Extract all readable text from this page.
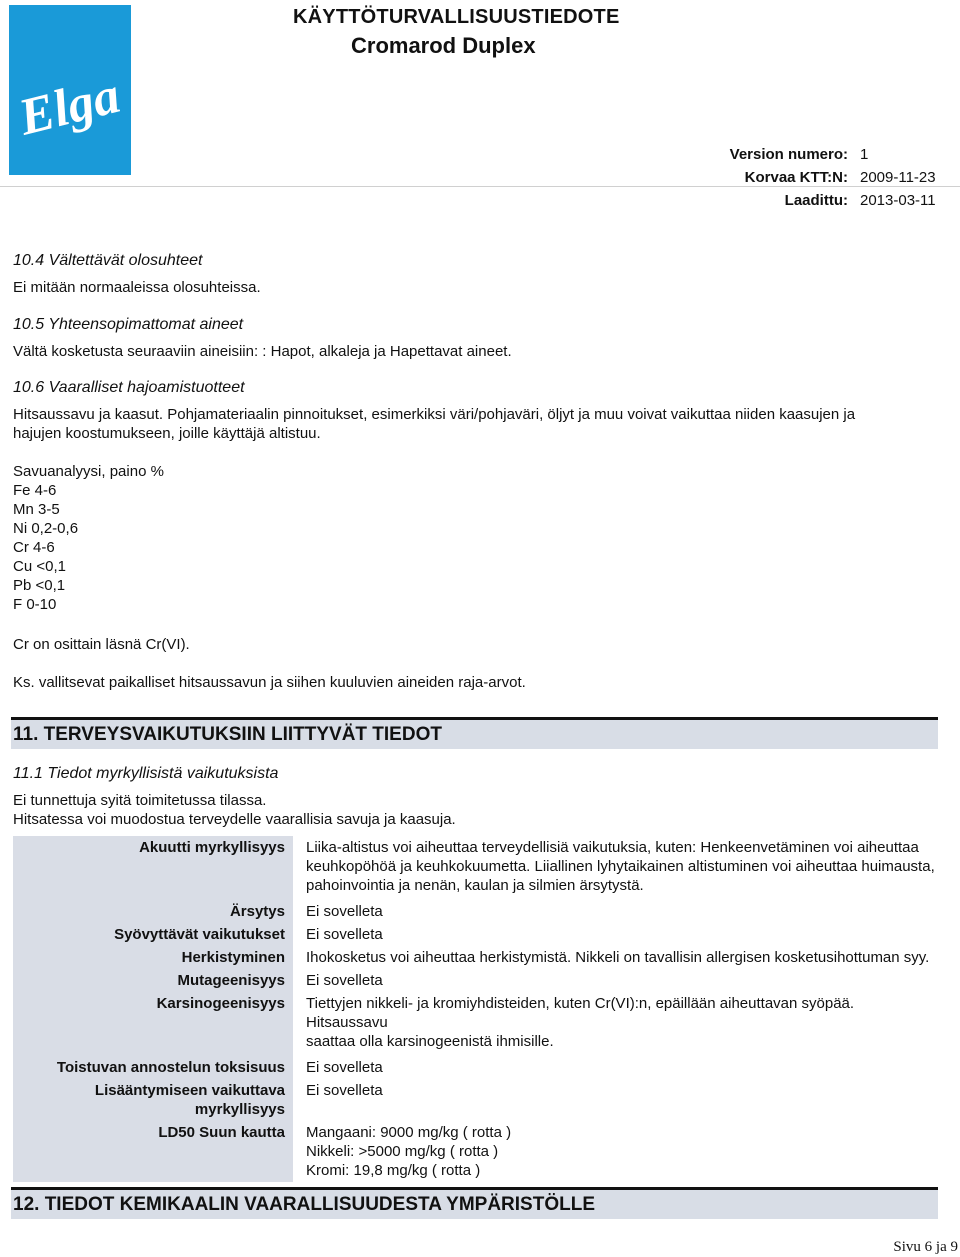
Elga
KÄYTTÖTURVALLISUUSTIEDOTE
Cromarod Duplex
Version numero:	1
Korvaa KTT:N:	2009-11-23
Laadittu:	2013-03-11
10.4 Vältettävät olosuhteet
Ei mitään normaaleissa olosuhteissa.
10.5 Yhteensopimattomat aineet
Vältä kosketusta seuraaviin aineisiin: : Hapot, alkaleja ja Hapettavat aineet.
10.6 Vaaralliset hajoamistuotteet
Hitsaussavu ja kaasut. Pohjamateriaalin pinnoitukset, esimerkiksi väri/pohjaväri, öljyt ja muu voivat vaikuttaa niiden kaasujen ja
hajujen koostumukseen, joille käyttäjä altistuu.
Savuanalyysi, paino %
Fe 4-6
Mn 3-5
Ni 0,2-0,6
Cr 4-6
Cu <0,1
Pb <0,1
F 0-10
Cr on osittain läsnä Cr(VI).
Ks. vallitsevat paikalliset hitsaussavun ja siihen kuuluvien aineiden raja-arvot.
11. TERVEYSVAIKUTUKSIIN LIITTYVÄT TIEDOT
11.1 Tiedot myrkyllisistä vaikutuksista
Ei tunnettuja syitä toimitetussa tilassa.
Hitsatessa voi muodostua terveydelle vaarallisia savuja ja kaasuja.
Akuutti myrkyllisyys	Liika-altistus voi aiheuttaa terveydellisiä vaikutuksia, kuten: Henkeenvetäminen voi aiheuttaa
keuhkopöhöä ja keuhkokuumetta. Liiallinen lyhytaikainen altistuminen voi aiheuttaa huimausta,
pahoinvointia ja nenän, kaulan ja silmien ärsytystä.

Ärsytys	Ei sovelleta

Syövyttävät vaikutukset	Ei sovelleta

Herkistyminen	Ihokosketus voi aiheuttaa herkistymistä. Nikkeli on tavallisin allergisen kosketusihottuman syy.

Mutageenisyys	Ei sovelleta

Karsinogeenisyys	Tiettyjen nikkeli- ja kromiyhdisteiden, kuten Cr(VI):n, epäillään aiheuttavan syöpää. Hitsaussavu
saattaa olla karsinogeenistä ihmisille.

Toistuvan annostelun toksisuus	Ei sovelleta

Lisääntymiseen vaikuttava myrkyllisyys	Ei sovelleta

LD50 Suun kautta	Mangaani: 9000 mg/kg ( rotta )
Nikkeli: >5000 mg/kg ( rotta )
Kromi: 19,8 mg/kg ( rotta )
12. TIEDOT KEMIKAALIN VAARALLISUUDESTA YMPÄRISTÖLLE
Sivu 6 ja 9
